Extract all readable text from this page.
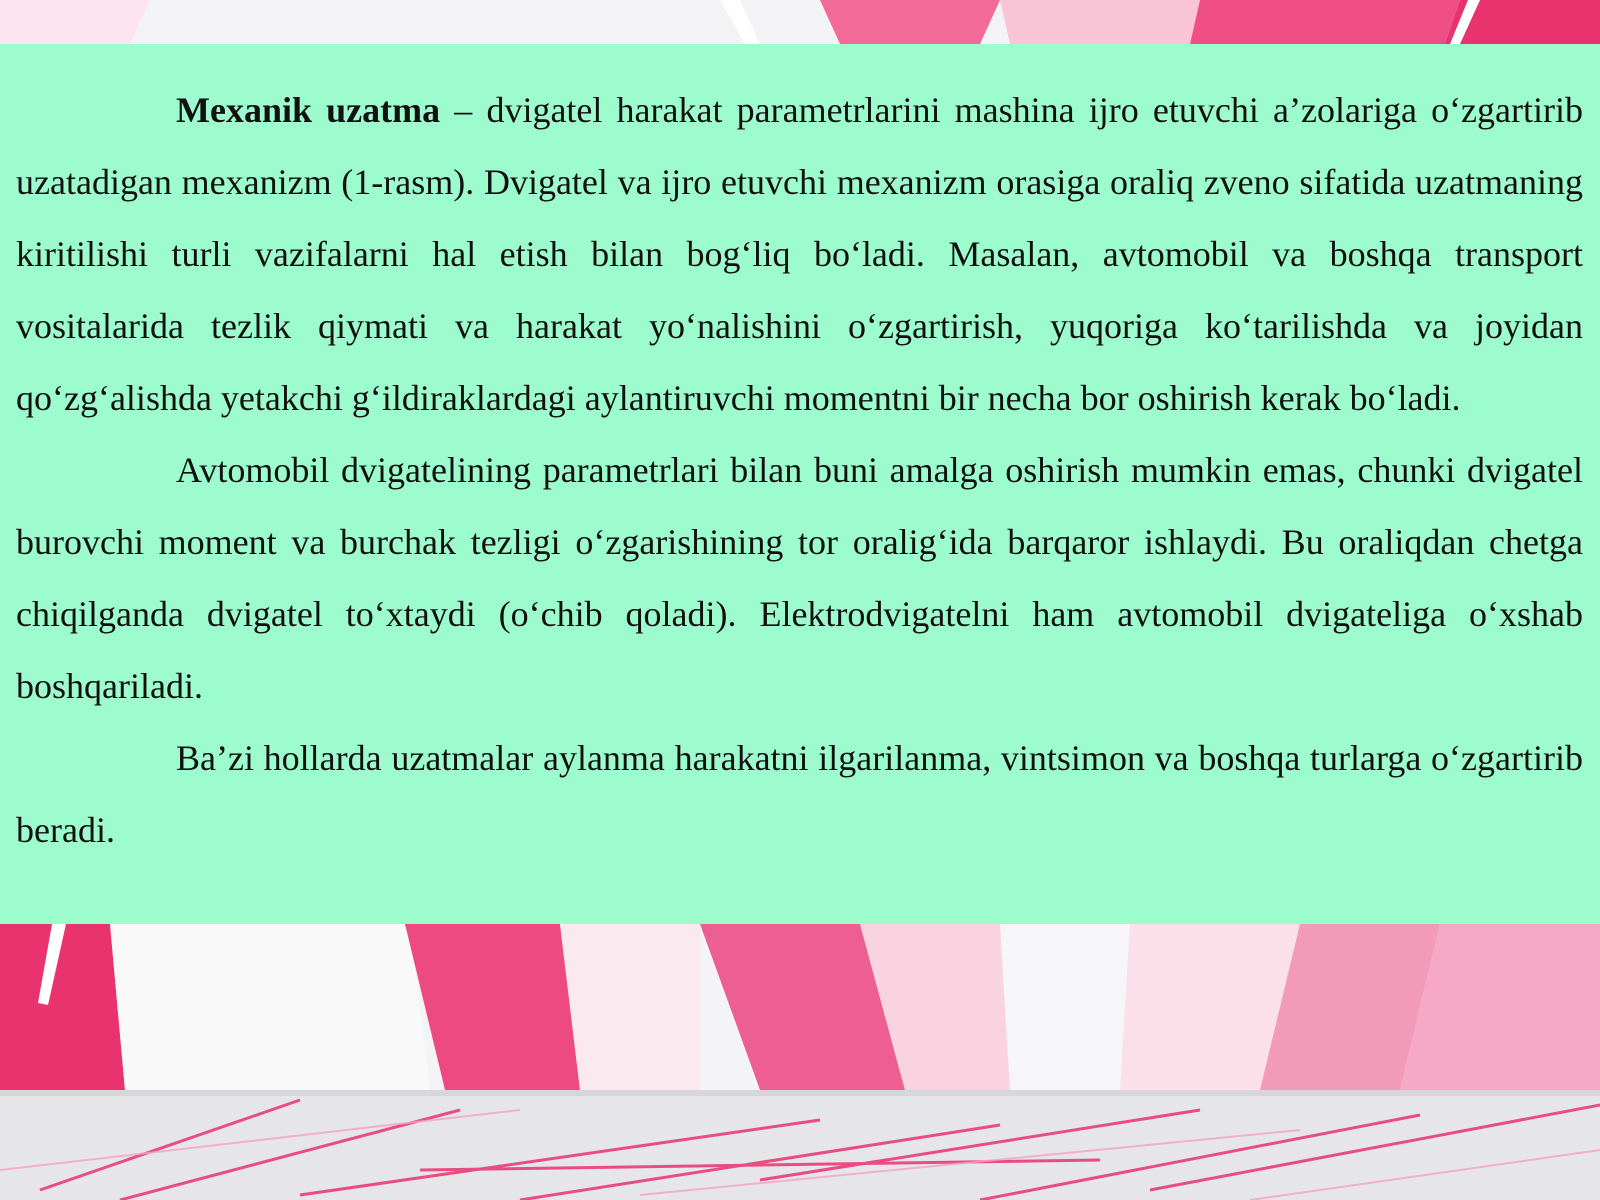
Mexanik uzatma – dvigatel harakat parametrlarini mashina ijro etuvchi a’zolariga o‘zgartirib uzatadigan mexanizm (1-rasm). Dvigatel va ijro etuvchi mexanizm orasiga oraliq zveno sifatida uzatmaning kiritilishi turli vazifalarni hal etish bilan bog‘liq bo‘ladi. Masalan, avtomobil va boshqa transport vositalarida tezlik qiymati va harakat yo‘nalishini o‘zgartirish, yuqoriga ko‘tarilishda va joyidan qo‘zg‘alishda yetakchi g‘ildiraklardagi aylantiruvchi momentni bir necha bor oshirish kerak bo‘ladi.

Avtomobil dvigatelining parametrlari bilan buni amalga oshirish mumkin emas, chunki dvigatel burovchi moment va burchak tezligi o‘zgarishining tor oralig‘ida barqaror ishlaydi. Bu oraliqdan chetga chiqilganda dvigatel to‘xtaydi (o‘chib qoladi). Elektrodvigatelni ham avtomobil dvigateliga o‘xshab boshqariladi.

Ba’zi hollarda uzatmalar aylanma harakatni ilgarilanma, vintsimon va boshqa turlarga o‘zgartirib beradi.
